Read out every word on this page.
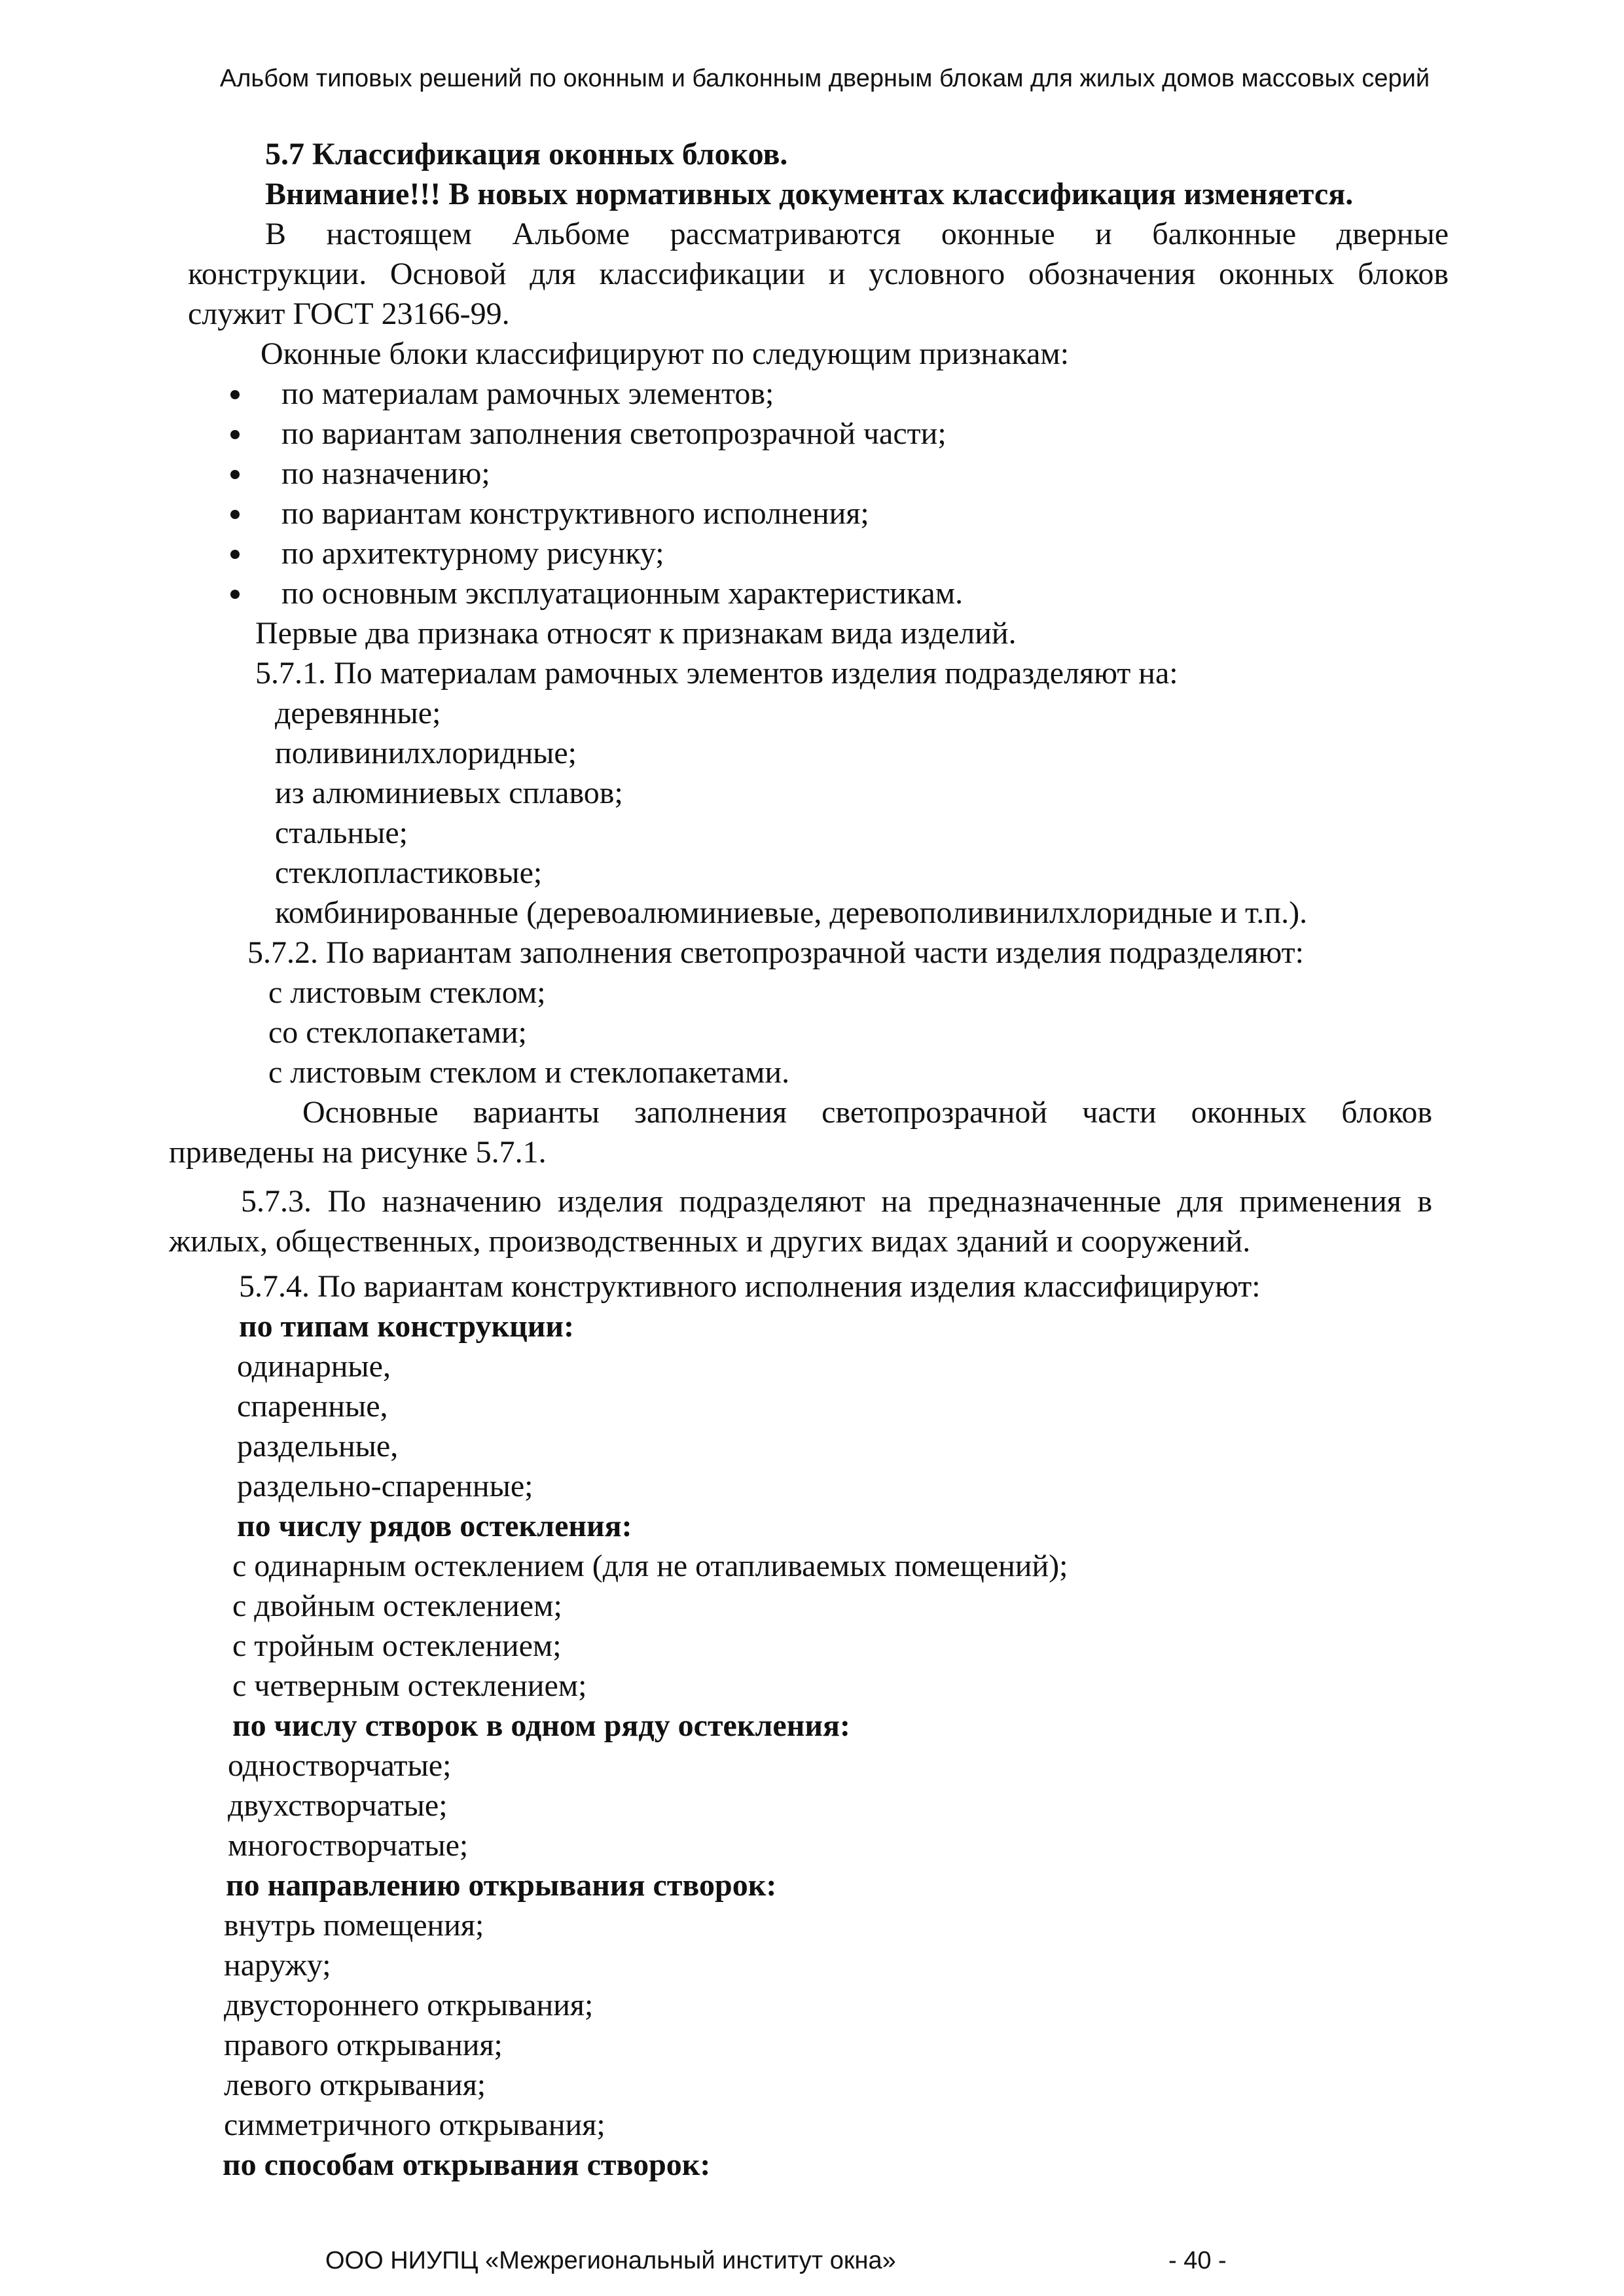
Альбом типовых решений по оконным и балконным дверным блокам для жилых домов массовых серий
5.7 Классификация оконных блоков.
Внимание!!! В новых нормативных документах классификация изменяется.
В настоящем Альбоме рассматриваются оконные и балконные дверные
конструкции. Основой для классификации и условного обозначения оконных блоков
служит ГОСТ 23166-99.
Оконные блоки классифицируют по следующим признакам:
по материалам рамочных элементов;
по вариантам заполнения светопрозрачной части;
по назначению;
по вариантам конструктивного исполнения;
по архитектурному рисунку;
по основным эксплуатационным характеристикам.
Первые два признака относят к признакам вида изделий.
5.7.1. По материалам рамочных элементов изделия подразделяют на:
деревянные;
поливинилхлоридные;
из алюминиевых сплавов;
стальные;
стеклопластиковые;
комбинированные (деревоалюминиевые, деревополивинилхлоридные и т.п.).
5.7.2. По вариантам заполнения светопрозрачной части изделия подразделяют:
с листовым стеклом;
со стеклопакетами;
с листовым стеклом и стеклопакетами.
Основные варианты заполнения светопрозрачной части оконных блоков
приведены на рисунке 5.7.1.
5.7.3. По назначению изделия подразделяют на предназначенные для применения в
жилых, общественных, производственных и других видах зданий и сооружений.
5.7.4. По вариантам конструктивного исполнения изделия классифицируют:
по типам конструкции:
одинарные,
спаренные,
раздельные,
раздельно-спаренные;
по числу рядов остекления:
с одинарным остеклением (для не отапливаемых помещений);
с двойным остеклением;
с тройным остеклением;
с четверным остеклением;
по числу створок в одном ряду остекления:
одностворчатые;
двухстворчатые;
многостворчатые;
по направлению открывания створок:
внутрь помещения;
наружу;
двустороннего открывания;
правого открывания;
левого открывания;
симметричного открывания;
по способам открывания створок:
ООО НИУПЦ «Межрегиональный институт окна»	- 40 -
